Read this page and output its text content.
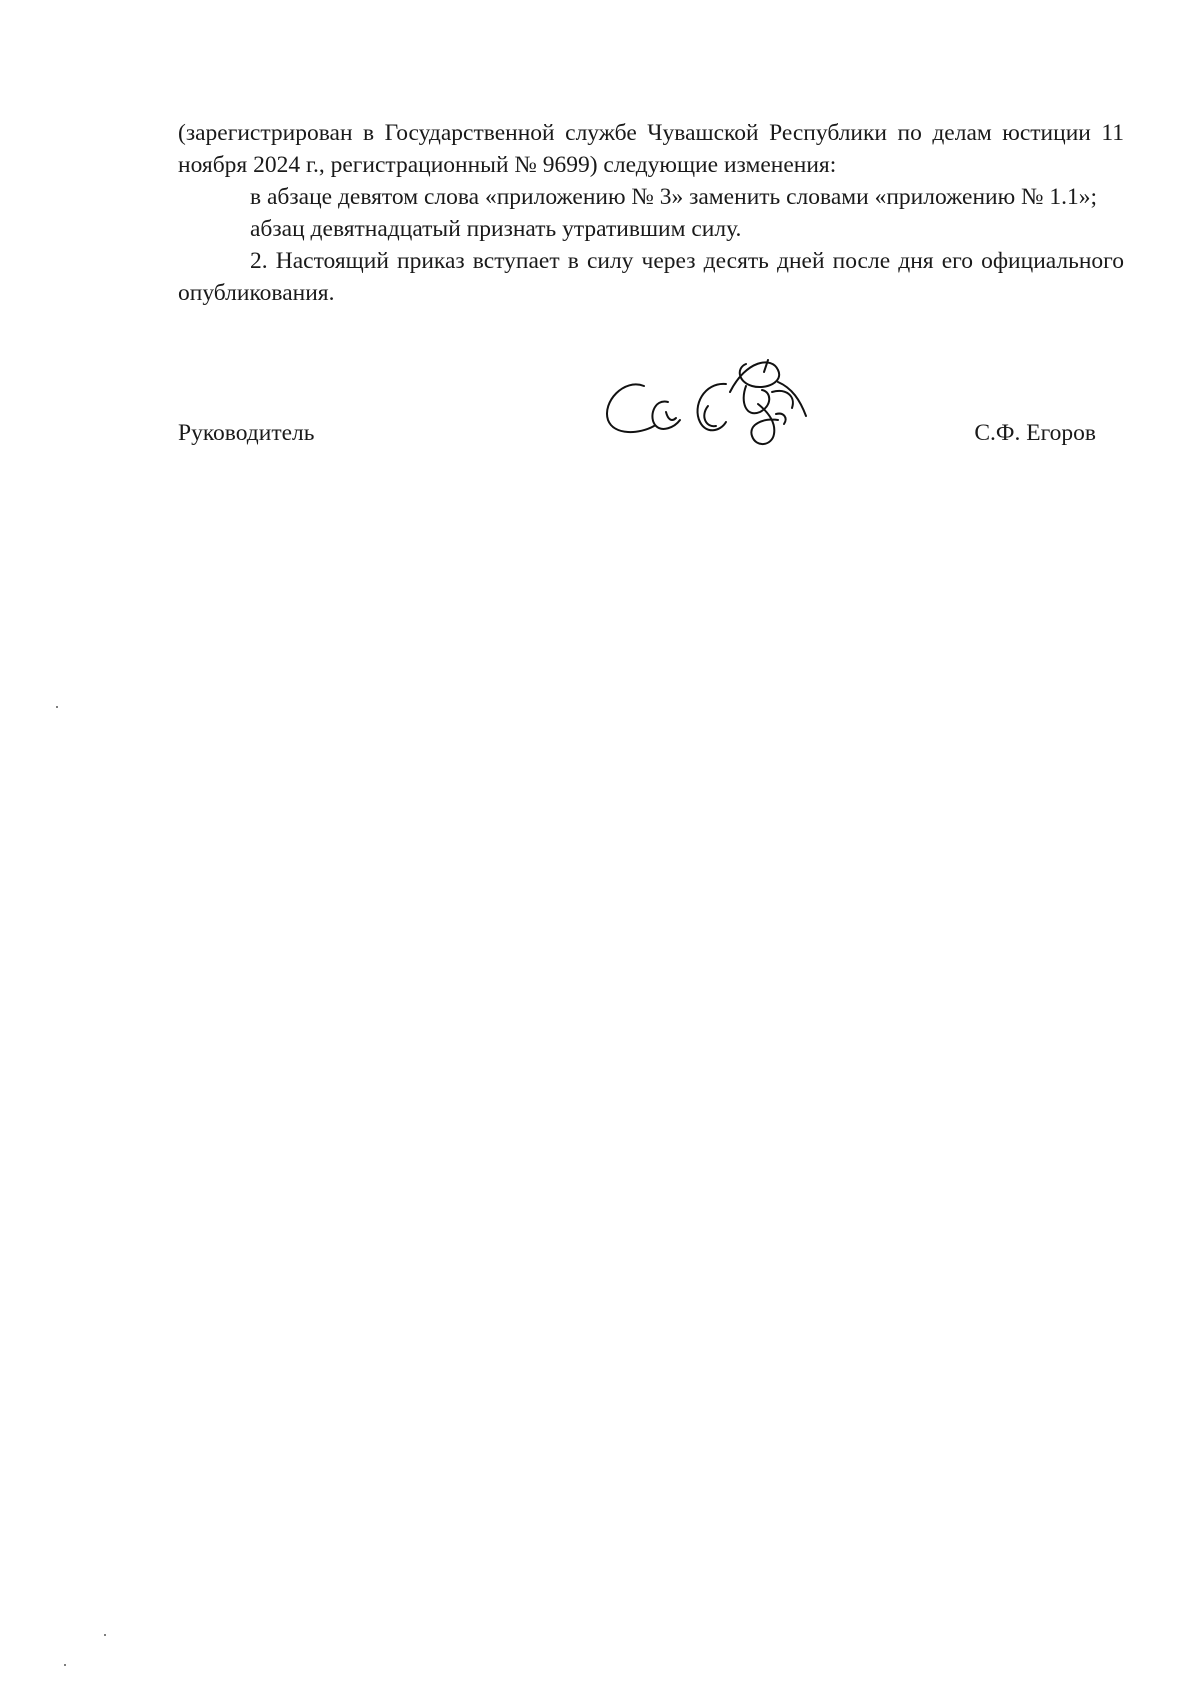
(зарегистрирован в Государственной службе Чувашской Республики по делам юстиции 11 ноября 2024 г., регистрационный № 9699) следующие изменения:

в абзаце девятом слова «приложению № 3» заменить словами «приложению № 1.1»;

абзац девятнадцатый признать утратившим силу.

2. Настоящий приказ вступает в силу через десять дней после дня его официального опубликования.

Руководитель	С.Ф. Егоров
